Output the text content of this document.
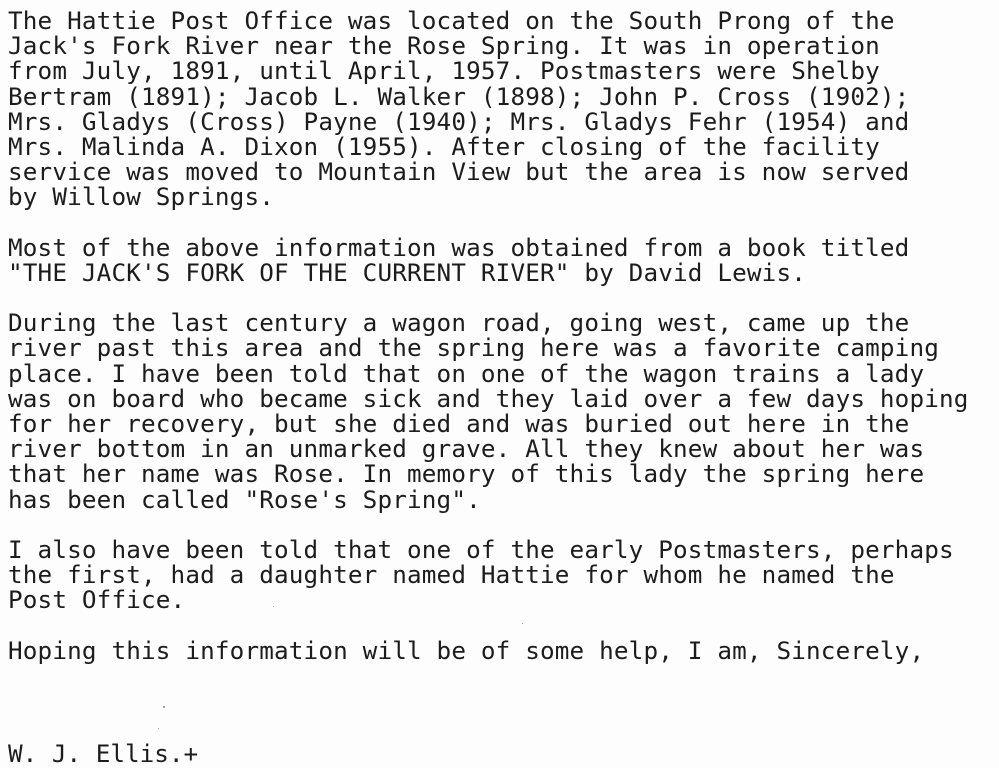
The Hattie Post Office was located on the South Prong of the
Jack's Fork River near the Rose Spring. It was in operation
from July, 1891, until April, 1957. Postmasters were Shelby
Bertram (1891); Jacob L. Walker (1898); John P. Cross (1902);
Mrs. Gladys (Cross) Payne (1940); Mrs. Gladys Fehr (1954) and
Mrs. Malinda A. Dixon (1955). After closing of the facility
service was moved to Mountain View but the area is now served
by Willow Springs.
Most of the above information was obtained from a book titled
"THE JACK'S FORK OF THE CURRENT RIVER" by David Lewis.
During the last century a wagon road, going west, came up the
river past this area and the spring here was a favorite camping
place. I have been told that on one of the wagon trains a lady
was on board who became sick and they laid over a few days hoping
for her recovery, but she died and was buried out here in the
river bottom in an unmarked grave. All they knew about her was
that her name was Rose. In memory of this lady the spring here
has been called "Rose's Spring".
I also have been told that one of the early Postmasters, perhaps
the first, had a daughter named Hattie for whom he named the
Post Office.
Hoping this information will be of some help, I am, Sincerely,
W. J. Ellis.+
